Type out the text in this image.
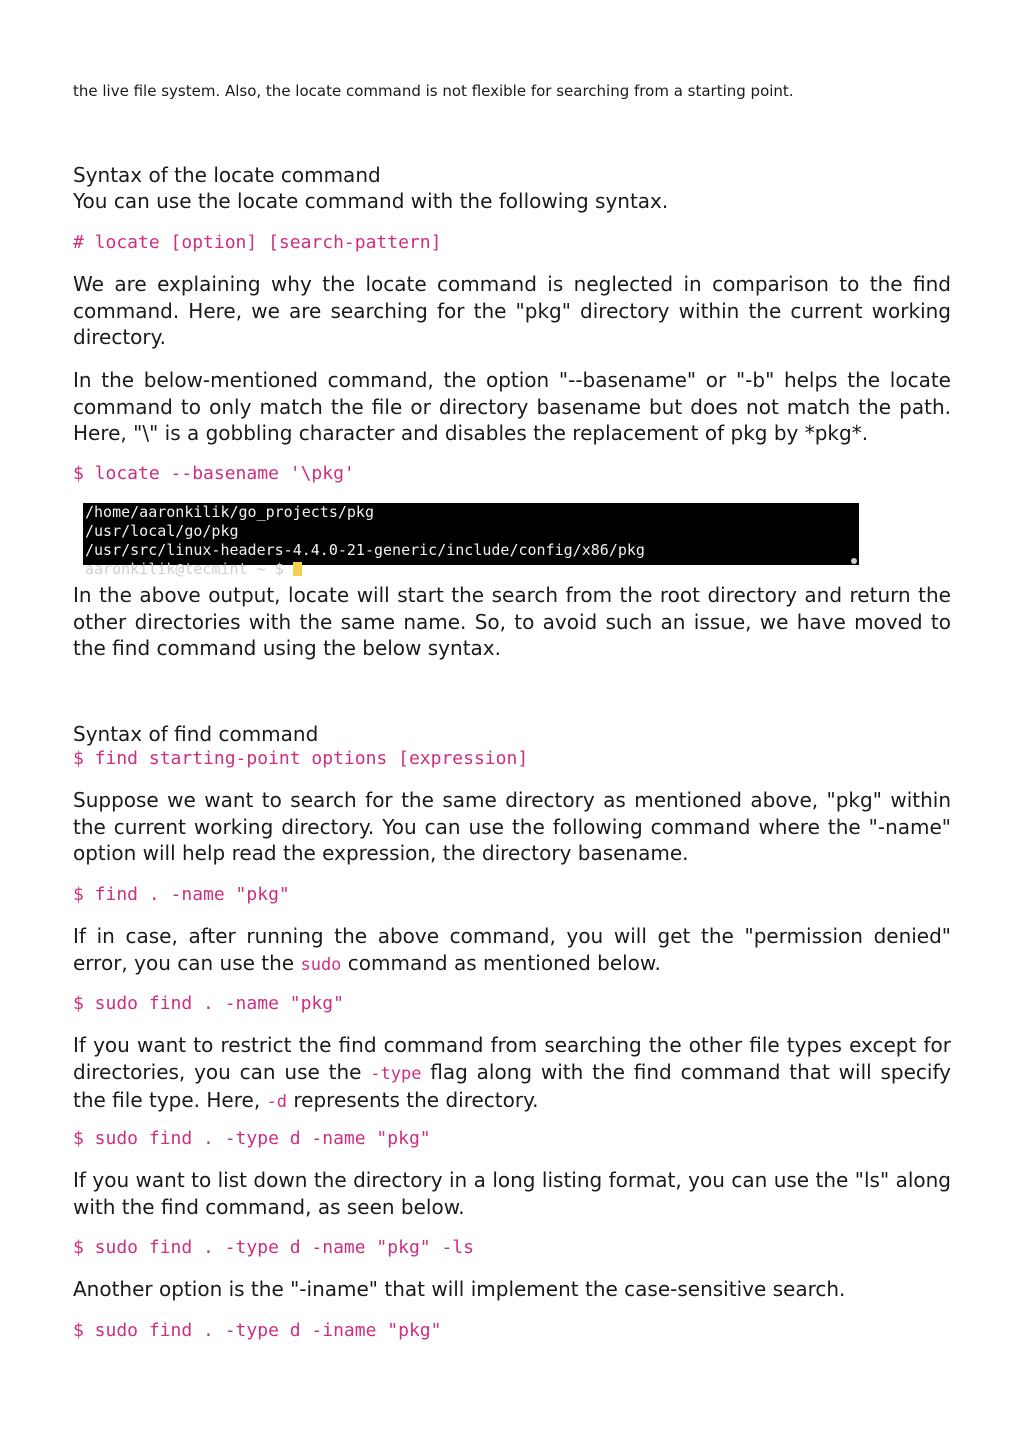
the live file system. Also, the locate command is not flexible for searching from a starting point.
Syntax of the locate command
You can use the locate command with the following syntax.
# locate [option] [search-pattern]
We are explaining why the locate command is neglected in comparison to the find command. Here, we are searching for the "pkg" directory within the current working directory.
In the below-mentioned command, the option "--basename" or "-b" helps the locate command to only match the file or directory basename but does not match the path. Here, "\" is a gobbling character and disables the replacement of pkg by *pkg*.
$ locate --basename '\pkg'
/home/aaronkilik/go_projects/pkg
/usr/local/go/pkg
/usr/src/linux-headers-4.4.0-21-generic/include/config/x86/pkg
aaronkilik@tecmint ~ $
In the above output, locate will start the search from the root directory and return the other directories with the same name. So, to avoid such an issue, we have moved to the find command using the below syntax.
Syntax of find command
$ find starting-point options [expression]
Suppose we want to search for the same directory as mentioned above, "pkg" within the current working directory. You can use the following command where the "-name" option will help read the expression, the directory basename.
$ find . -name "pkg"
If in case, after running the above command, you will get the "permission denied" error, you can use the sudo command as mentioned below.
$ sudo find . -name "pkg"
If you want to restrict the find command from searching the other file types except for directories, you can use the -type flag along with the find command that will specify the file type. Here, -d represents the directory.
$ sudo find . -type d -name "pkg"
If you want to list down the directory in a long listing format, you can use the "ls" along with the find command, as seen below.
$ sudo find . -type d -name "pkg" -ls
Another option is the "-iname" that will implement the case-sensitive search.
$ sudo find . -type d -iname "pkg"
